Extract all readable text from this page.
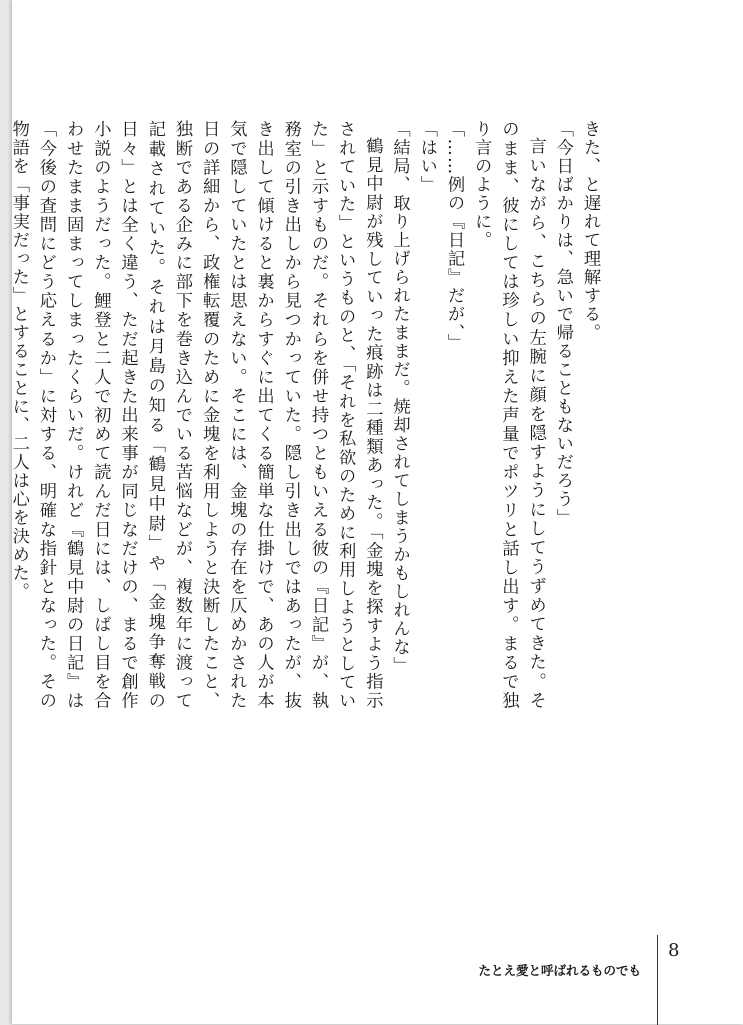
きた、と遅れて理解する。

「今日ばかりは、急いで帰ることもないだろう」

言いながら、こちらの左腕に顔を隠すようにしてうずめてきた。そのまま、彼にしては珍しい抑えた声量でポツリと話し出す。まるで独り言のように。

「……例の『日記』だが、」

「はい」

「結局、取り上げられたままだ。焼却されてしまうかもしれんな」

鶴見中尉が残していった痕跡は二種類あった。「金塊を探すよう指示されていた」というものと、「それを私欲のために利用しようとしていた」と示すものだ。それらを併せ持つともいえる彼の『日記』が、執務室の引き出しから見つかっていた。隠し引き出しではあったが、抜き出して傾けると裏からすぐに出てくる簡単な仕掛けで、あの人が本気で隠していたとは思えない。そこには、金塊の存在を仄めかされた日の詳細から、政権転覆のために金塊を利用しようと決断したこと、独断である企みに部下を巻き込んでいる苦悩などが、複数年に渡って記載されていた。それは月島の知る「鶴見中尉」や「金塊争奪戦の日々」とは全く違う、ただ起きた出来事が同じなだけの、まるで創作小説のようだった。鯉登と二人で初めて読んだ日には、しばし目を合わせたまま固まってしまったくらいだ。けれど『鶴見中尉の日記』は「今後の査問にどう応えるか」に対する、明確な指針となった。その物語を「事実だった」とすることに、二人は心を決めた。

8
たとえ愛と呼ばれるものでも
